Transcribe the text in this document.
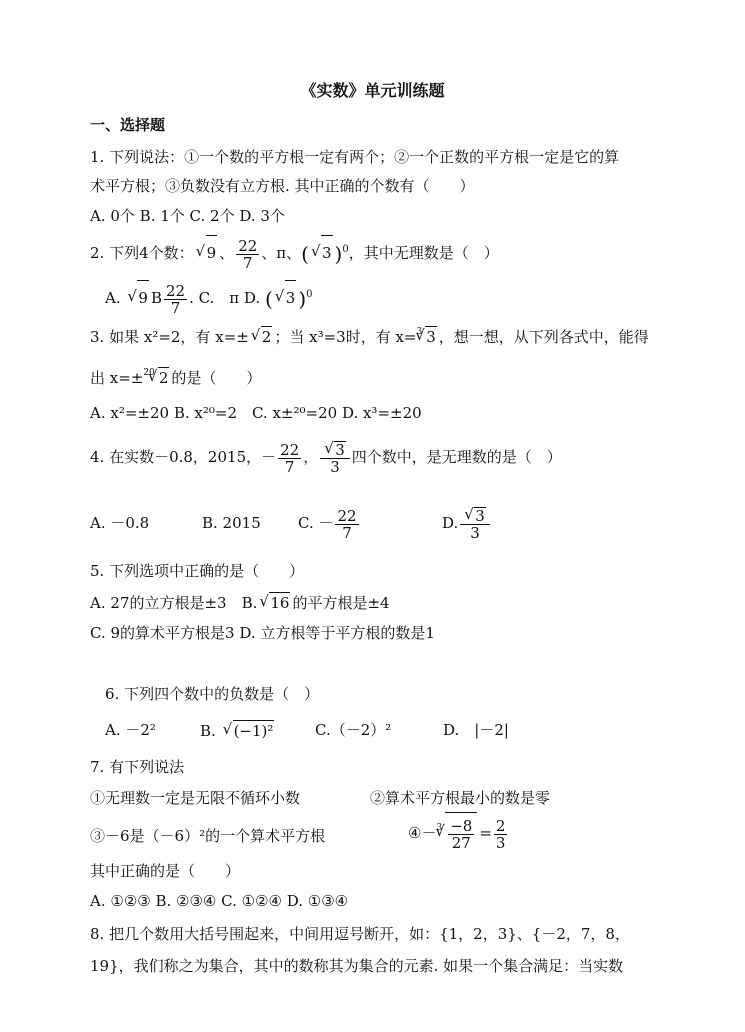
《实数》单元训练题
一、选择题
1. 下列说法：①一个数的平方根一定有两个；②一个正数的平方根一定是它的算
术平方根；③负数没有立方根. 其中正确的个数有（　　）
A. 0个 B. 1个 C. 2个 D. 3个
2. 下列4个数： √ 9 、 $\frac{22}{7}$ 、π、( √ 3 )$^0$，其中无理数是（　）
A. √ 9 B $\frac{22}{7}$ . C.　π D. ( √ 3 )$^0$
3. 如果 x²=2，有 x=± √ 2 ；当 x³=3时，有 x=$^3$ √ 3 ，想一想，从下列各式中，能得
出 x=±$^{20}$ √ 2 的是（　　）
A. x²=±20 B. x²⁰=2　C. x±²⁰=20 D. x³=±20
4. 在实数－0.8，2015，－ $\frac{22}{7}$ ， √ $\frac{3}{3}$ 四个数中，是无理数的是（　）
A. －0.8	B. 2015 C. － $\frac{22}{7}$	D. √ $\frac{3}{3}$
5. 下列选项中正确的是（　　）
A. 27的立方根是±3　B. √ 16 的平方根是±4
C. 9的算术平方根是3 D. 立方根等于平方根的数是1
6. 下列四个数中的负数是（　）
A. －2²	B. √ (−1)²	C.（－2）²	D.　|－2|
7. 有下列说法
①无理数一定是无限不循环小数	②算术平方根最小的数是零
③－6是（－6）²的一个算术平方根	④－$^3$ √ $\frac{-8}{27} = \frac{2}{3}$
其中正确的是（　　）
A. ①②③ B. ②③④ C. ①②④ D. ①③④
8. 把几个数用大括号围起来，中间用逗号断开，如：{1，2，3}、{－2，7，8，
19}，我们称之为集合，其中的数称其为集合的元素. 如果一个集合满足：当实数
